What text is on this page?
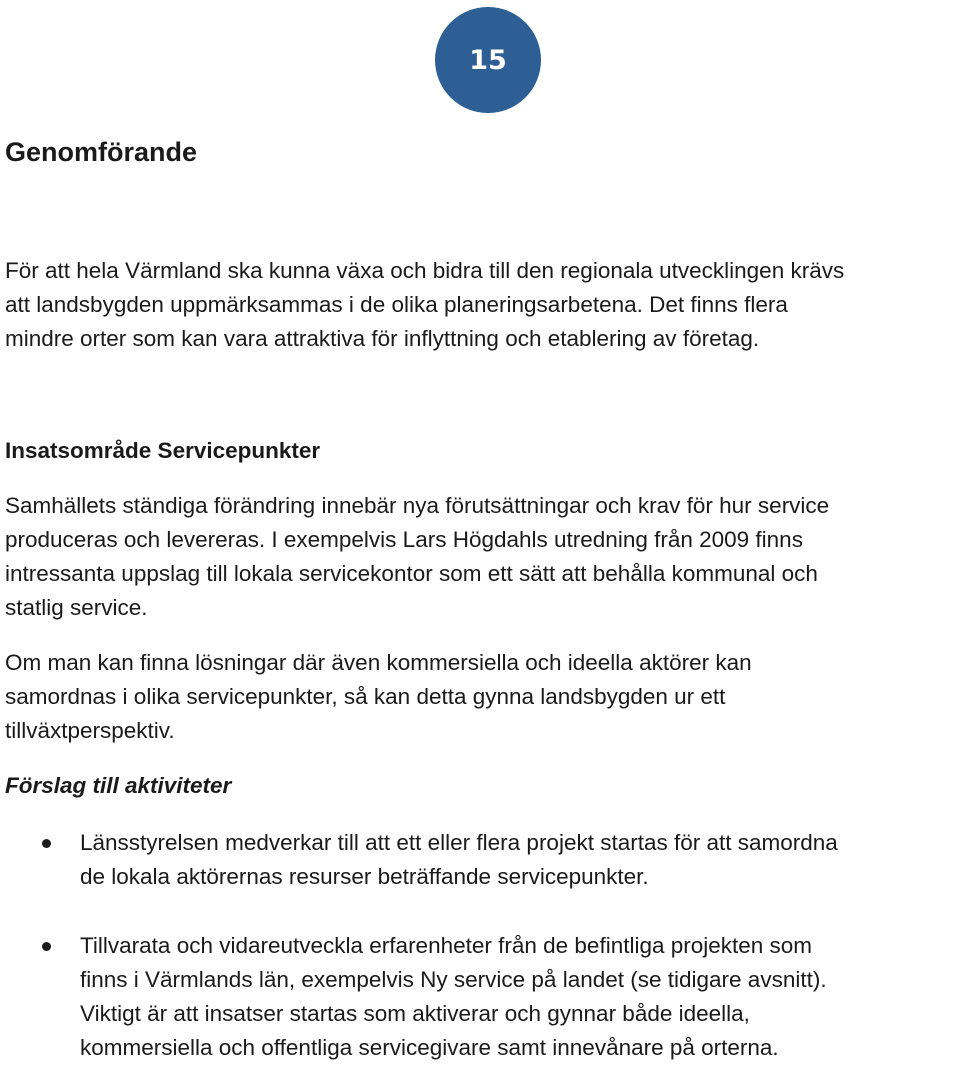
15
Genomförande
För att hela Värmland ska kunna växa och bidra till den regionala utvecklingen krävs
att landsbygden uppmärksammas i de olika planeringsarbetena. Det finns flera
mindre orter som kan vara attraktiva för inflyttning och etablering av företag.
Insatsområde Servicepunkter
Samhällets ständiga förändring innebär nya förutsättningar och krav för hur service
produceras och levereras. I exempelvis Lars Högdahls utredning från 2009 finns
intressanta uppslag till lokala servicekontor som ett sätt att behålla kommunal och
statlig service.
Om man kan finna lösningar där även kommersiella och ideella aktörer kan
samordnas i olika servicepunkter, så kan detta gynna landsbygden ur ett
tillväxtperspektiv.
Förslag till aktiviteter
Länsstyrelsen medverkar till att ett eller flera projekt startas för att samordna
de lokala aktörernas resurser beträffande servicepunkter.
Tillvarata och vidareutveckla erfarenheter från de befintliga projekten som
finns i Värmlands län, exempelvis Ny service på landet (se tidigare avsnitt).
Viktigt är att insatser startas som aktiverar och gynnar både ideella,
kommersiella och offentliga servicegivare samt innevånare på orterna.
